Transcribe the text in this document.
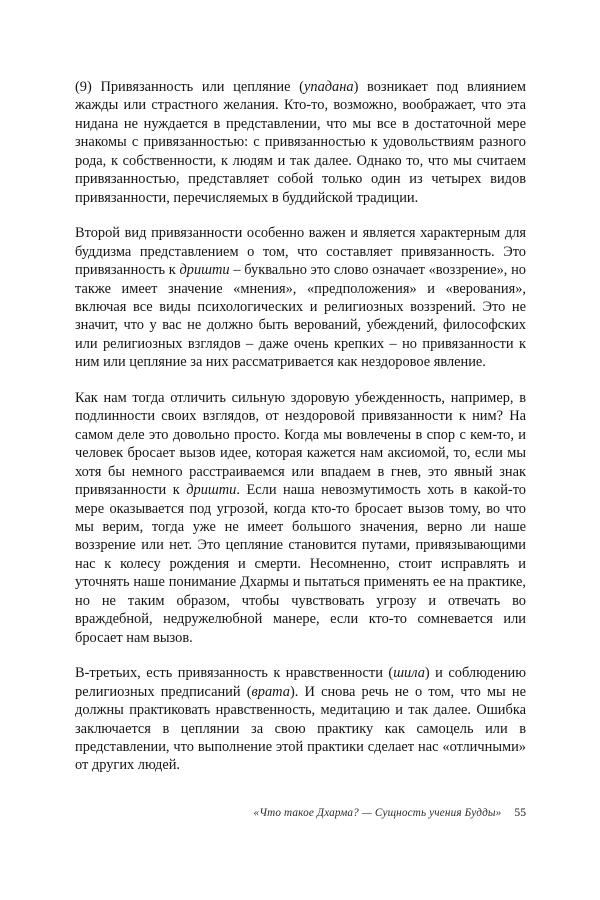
(9) Привязанность или цепляние (упадана) возникает под влиянием жажды или страстного желания. Кто-то, возможно, воображает, что эта нидана не нуждается в представлении, что мы все в достаточной мере знакомы с привязанностью: с привязанностью к удовольствиям разного рода, к собственности, к людям и так далее. Однако то, что мы считаем привязанностью, представляет собой только один из четырех видов привязанности, перечисляемых в буддийской традиции.

Второй вид привязанности особенно важен и является характерным для буддизма представлением о том, что составляет привязанность. Это привязанность к дришти – буквально это слово означает «воззрение», но также имеет значение «мнения», «предположения» и «верования», включая все виды психологических и религиозных воззрений. Это не значит, что у вас не должно быть верований, убеждений, философских или религиозных взглядов – даже очень крепких – но привязанности к ним или цепляние за них рассматривается как нездоровое явление.

Как нам тогда отличить сильную здоровую убежденность, например, в подлинности своих взглядов, от нездоровой привязанности к ним? На самом деле это довольно просто. Когда мы вовлечены в спор с кем-то, и человек бросает вызов идее, которая кажется нам аксиомой, то, если мы хотя бы немного расстраиваемся или впадаем в гнев, это явный знак привязанности к дришти. Если наша невозмутимость хоть в какой-то мере оказывается под угрозой, когда кто-то бросает вызов тому, во что мы верим, тогда уже не имеет большого значения, верно ли наше воззрение или нет. Это цепляние становится путами, привязывающими нас к колесу рождения и смерти. Несомненно, стоит исправлять и уточнять наше понимание Дхармы и пытаться применять ее на практике, но не таким образом, чтобы чувствовать угрозу и отвечать во враждебной, недружелюбной манере, если кто-то сомневается или бросает нам вызов.

В-третьих, есть привязанность к нравственности (шила) и соблюдению религиозных предписаний (врата). И снова речь не о том, что мы не должны практиковать нравственность, медитацию и так далее. Ошибка заключается в цеплянии за свою практику как самоцель или в представлении, что выполнение этой практики сделает нас «отличными» от других людей.

«Что такое Дхарма? — Сущность учения Будды» 55
